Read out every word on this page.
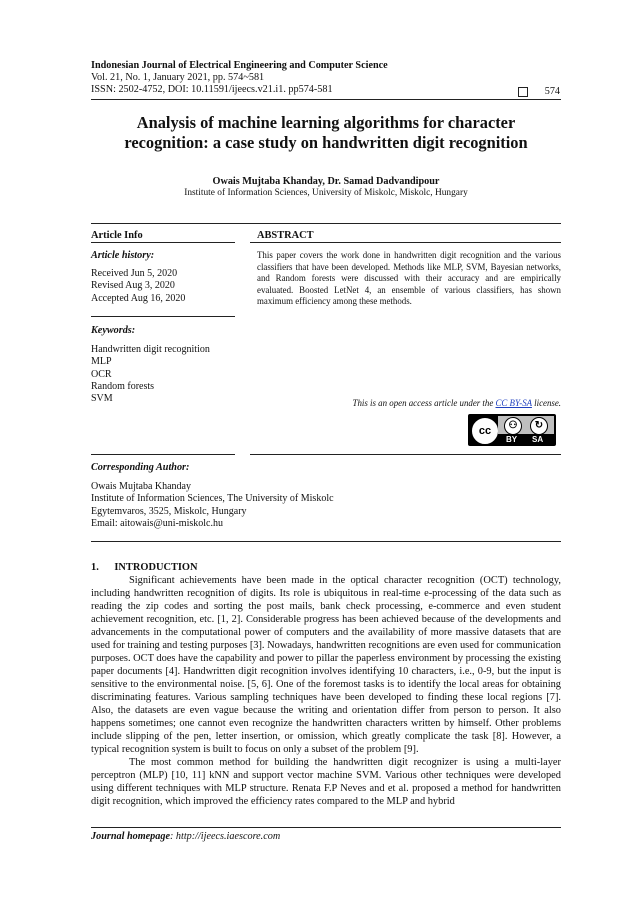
Indonesian Journal of Electrical Engineering and Computer Science
Vol. 21, No. 1, January 2021, pp. 574~581
ISSN: 2502-4752, DOI: 10.11591/ijeecs.v21.i1. pp574-581	574
Analysis of machine learning algorithms for character
recognition: a case study on handwritten digit recognition
Owais Mujtaba Khanday, Dr. Samad Dadvandipour
Institute of Information Sciences, University of Miskolc, Miskolc, Hungary
Article Info
Article history:
Received Jun 5, 2020
Revised Aug 3, 2020
Accepted Aug 16, 2020
Keywords:
Handwritten digit recognition
MLP
OCR
Random forests
SVM
ABSTRACT
This paper covers the work done in handwritten digit recognition and the various classifiers that have been developed. Methods like MLP, SVM, Bayesian networks, and Random forests were discussed with their accuracy and are empirically evaluated. Boosted LetNet 4, an ensemble of various classifiers, has shown maximum efficiency among these methods.
This is an open access article under the CC BY-SA license.
cc	⚇	↻
BY SA
Corresponding Author:
Owais Mujtaba Khanday
Institute of Information Sciences, The University of Miskolc
Egytemvaros, 3525, Miskolc, Hungary
Email: aitowais@uni-miskolc.hu
1.      INTRODUCTION

Significant achievements have been made in the optical character recognition (OCT) technology, including handwritten recognition of digits. Its role is ubiquitous in real-time e-processing of the data such as reading the zip codes and sorting the post mails, bank check processing, e-commerce and even student achievement recognition, etc. [1, 2]. Considerable progress has been achieved because of the developments and advancements in the computational power of computers and the availability of more massive datasets that are used for training and testing purposes [3]. Nowadays, handwritten recognitions are even used for communication purposes. OCT does have the capability and power to pillar the paperless environment by processing the existing paper documents [4]. Handwritten digit recognition involves identifying 10 characters, i.e., 0-9, but the input is sensitive to the environmental noise. [5, 6]. One of the foremost tasks is to identify the local areas for obtaining discriminating features. Various sampling techniques have been developed to finding these local regions [7]. Also, the datasets are even vague because the writing and orientation differ from person to person. It also happens sometimes; one cannot even recognize the handwritten characters written by himself. Other problems include slipping of the pen, letter insertion, or omission, which greatly complicate the task [8]. However, a typical recognition system is built to focus on only a subset of the problem [9].

The most common method for building the handwritten digit recognizer is using a multi-layer perceptron (MLP) [10, 11] kNN and support vector machine SVM. Various other techniques were developed using different techniques with MLP structure. Renata F.P Neves and et al. proposed a method for handwritten digit recognition, which improved the efficiency rates compared to the MLP and hybrid

Journal homepage: http://ijeecs.iaescore.com
